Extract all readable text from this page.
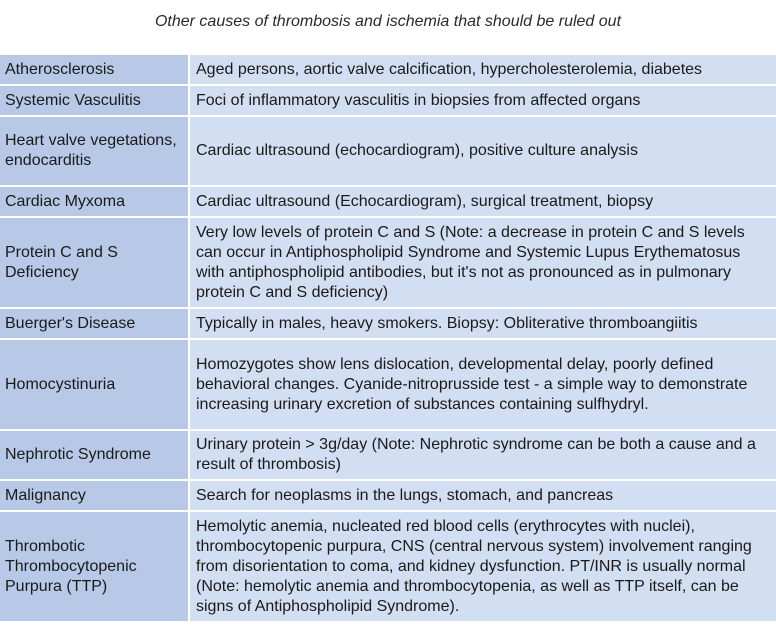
Other causes of thrombosis and ischemia that should be ruled out
Atherosclerosis	Aged persons, aortic valve calcification, hypercholesterolemia, diabetes
Systemic Vasculitis	Foci of inflammatory vasculitis in biopsies from affected organs
Heart valve vegetations, endocarditis	Cardiac ultrasound (echocardiogram), positive culture analysis
Cardiac Myxoma	Cardiac ultrasound (Echocardiogram), surgical treatment, biopsy
Protein C and S Deficiency	Very low levels of protein C and S (Note: a decrease in protein C and S levels can occur in Antiphospholipid Syndrome and Systemic Lupus Erythematosus with antiphospholipid antibodies, but it's not as pronounced as in pulmonary protein C and S deficiency)
Buerger's Disease	Typically in males, heavy smokers. Biopsy: Obliterative thromboangiitis
Homocystinuria	Homozygotes show lens dislocation, developmental delay, poorly defined behavioral changes. Cyanide-nitroprusside test - a simple way to demonstrate increasing urinary excretion of substances containing sulfhydryl.
Nephrotic Syndrome	Urinary protein > 3g/day (Note: Nephrotic syndrome can be both a cause and a result of thrombosis)
Malignancy	Search for neoplasms in the lungs, stomach, and pancreas
Thrombotic Thrombocytopenic Purpura (TTP)	Hemolytic anemia, nucleated red blood cells (erythrocytes with nuclei), thrombocytopenic purpura, CNS (central nervous system) involvement ranging from disorientation to coma, and kidney dysfunction. PT/INR is usually normal (Note: hemolytic anemia and thrombocytopenia, as well as TTP itself, can be signs of Antiphospholipid Syndrome).
